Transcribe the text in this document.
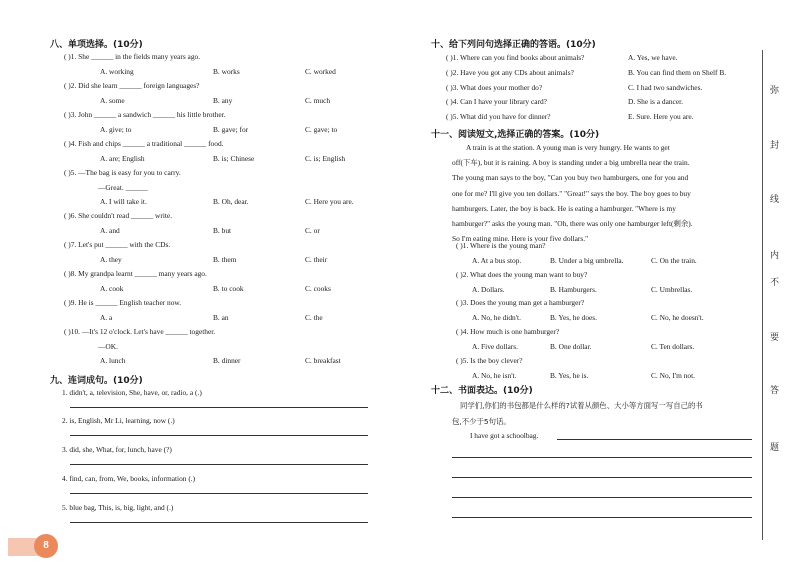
八、单项选择。(10分)
( )1. She ______ in the fields many years ago.
A. working	B. works	C. worked
( )2. Did she learn ______ foreign languages?
A. some	B. any	C. much
( )3. John ______ a sandwich ______ his little brother.
A. give; to	B. gave; for	C. gave; to
( )4. Fish and chips ______ a traditional ______ food.
A. are; English	B. is; Chinese	C. is; English
( )5. —The bag is easy for you to carry.
—Great. ______
A. I will take it.	B. Oh, dear.	C. Here you are.
( )6. She couldn't read ______ write.
A. and	B. but	C. or
( )7. Let's put ______ with the CDs.
A. they	B. them	C. their
( )8. My grandpa learnt ______ many years ago.
A. cook	B. to cook	C. cooks
( )9. He is ______ English teacher now.
A. a	B. an	C. the
( )10. —It's 12 o'clock. Let's have ______ together.
—OK.
A. lunch	B. dinner	C. breakfast
九、连词成句。(10分)
1. didn't, a, television, She, have, or, radio, a (.)
2. is, English, Mr Li, learning, now (.)
3. did, she, What, for, lunch, have (?)
4. find, can, from, We, books, information (.)
5. blue bag, This, is, big, light, and (.)
8
十、给下列问句选择正确的答语。(10分)
( )1. Where can you find books about animals?	A. Yes, we have.
( )2. Have you got any CDs about animals?	B. You can find them on Shelf B.
( )3. What does your mother do?	C. I had two sandwiches.
( )4. Can I have your library card?	D. She is a dancer.
( )5. What did you have for dinner?	E. Sure. Here you are.
十一、阅读短文,选择正确的答案。(10分)
A train is at the station. A young man is very hungry. He wants to get
off(下车), but it is raining. A boy is standing under a big umbrella near the train.
The young man says to the boy, "Can you buy two hamburgers, one for you and
one for me? I'll give you ten dollars." "Great!" says the boy. The boy goes to buy
hamburgers. Later, the boy is back. He is eating a hamburger. "Where is my
hamburger?" asks the young man. "Oh, there was only one hamburger left(剩余).
So I'm eating mine. Here is your five dollars."
( )1. Where is the young man?
A. At a bus stop.	B. Under a big umbrella.	C. On the train.
( )2. What does the young man want to buy?
A. Dollars.	B. Hamburgers.	C. Umbrellas.
( )3. Does the young man get a hamburger?
A. No, he didn't.	B. Yes, he does.	C. No, he doesn't.
( )4. How much is one hamburger?
A. Five dollars.	B. One dollar.	C. Ten dollars.
( )5. Is the boy clever?
A. No, he isn't.	B. Yes, he is.	C. No, I'm not.
十二、书面表达。(10分)
同学们,你们的书包都是什么样的?试着从颜色、大小等方面写一写自己的书
包,不少于5句话。
I have got a schoolbag.
弥
封
线
内
不
要
答
题
